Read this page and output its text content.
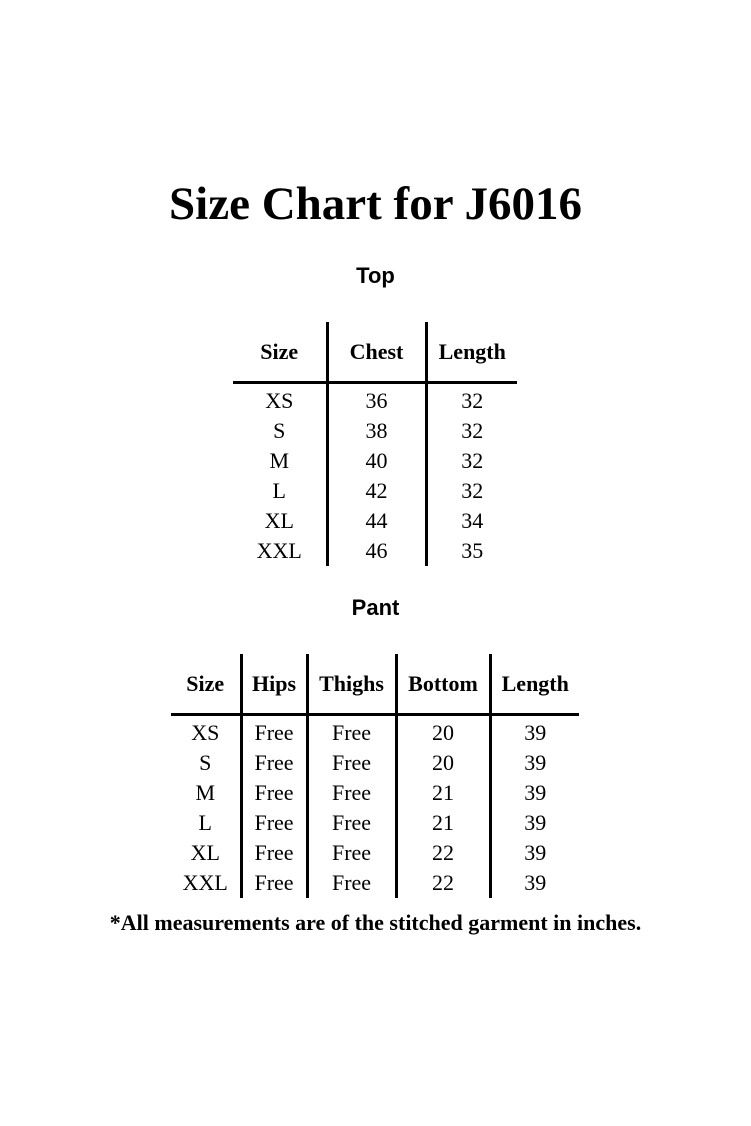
Size Chart for J6016
Top
Size	Chest	Length
XS	36	32
S	38	32
M	40	32
L	42	32
XL	44	34
XXL	46	35
Pant
Size	Hips	Thighs	Bottom	Length
XS	Free	Free	20	39
S	Free	Free	20	39
M	Free	Free	21	39
L	Free	Free	21	39
XL	Free	Free	22	39
XXL	Free	Free	22	39

*All measurements are of the stitched garment in inches.
